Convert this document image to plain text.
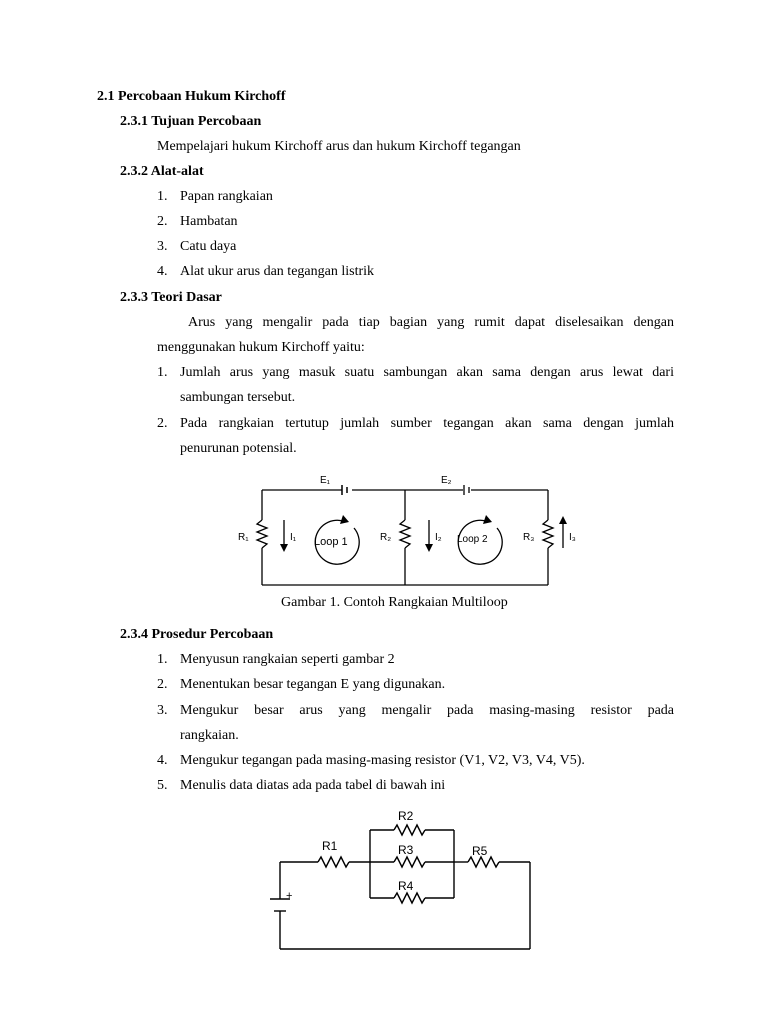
2.1 Percobaan Hukum Kirchoff
2.3.1 Tujuan Percobaan
Mempelajari hukum Kirchoff arus dan hukum Kirchoff tegangan
2.3.2 Alat-alat
1. Papan rangkaian
2. Hambatan
3. Catu daya
4. Alat ukur arus dan tegangan listrik
2.3.3 Teori Dasar
Arus yang mengalir pada tiap bagian yang rumit dapat diselesaikan dengan
menggunakan hukum Kirchoff yaitu:
1. Jumlah arus yang masuk suatu sambungan akan sama dengan arus lewat dari
sambungan tersebut.
2. Pada rangkaian tertutup jumlah sumber tegangan akan sama dengan jumlah
penurunan potensial.
E₁	E₂
R₁	R₂	R₃
I₁	I₂	I₃
Loop 1	Loop 2
Gambar 1. Contoh Rangkaian Multiloop
2.3.4 Prosedur Percobaan
1. Menyusun rangkaian seperti gambar 2
2. Menentukan besar tegangan E yang digunakan.
3. Mengukur besar arus yang mengalir pada masing-masing resistor pada
rangkaian.
4. Mengukur tegangan pada masing-masing resistor (V1, V2, V3, V4, V5).
5. Menulis data diatas ada pada tabel di bawah ini
+
R1
R2
R3
R4
R5
